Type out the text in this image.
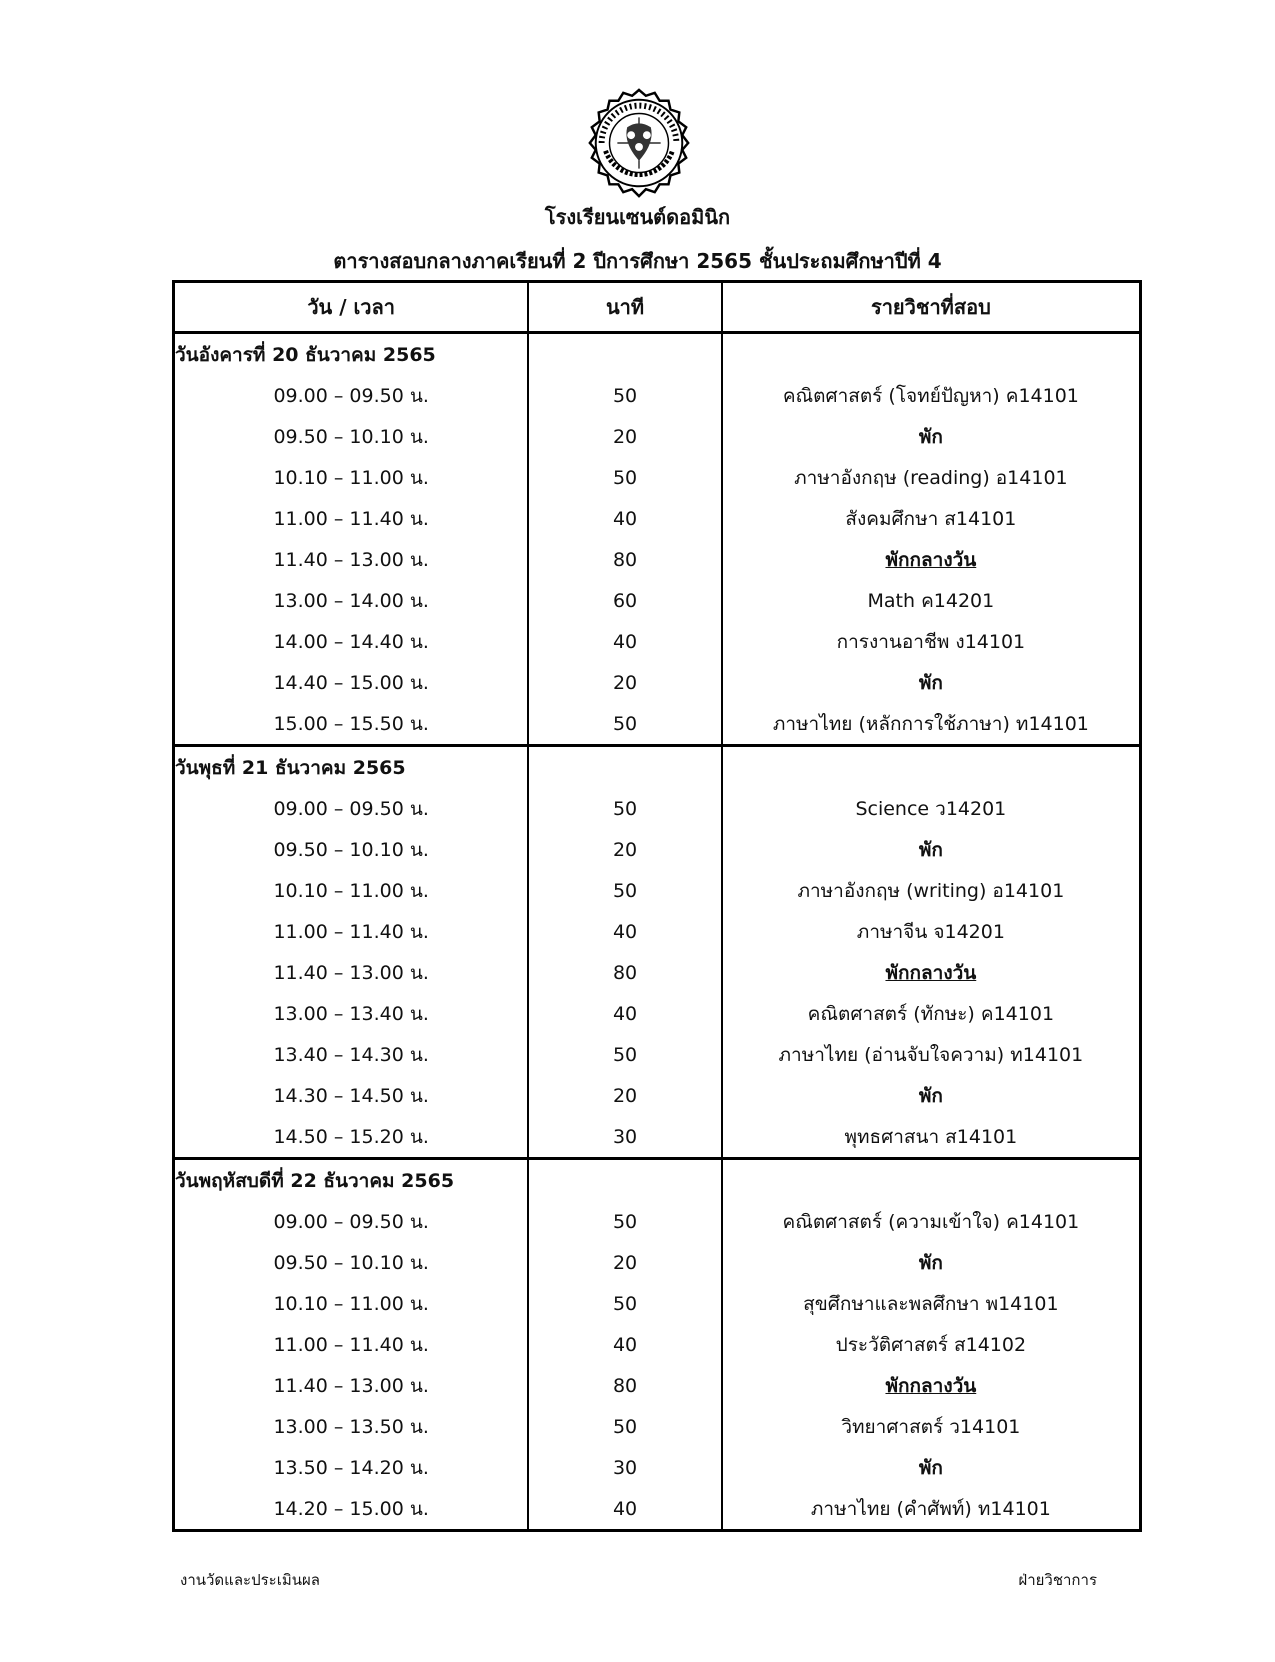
โรงเรียนเซนต์ดอมินิก
ตารางสอบกลางภาคเรียนที่ 2 ปีการศึกษา 2565 ชั้นประถมศึกษาปีที่ 4
วัน / เวลา	นาที	รายวิชาที่สอบ
วันอังคารที่ 20 ธันวาคม 2565		
09.00 – 09.50 น.	50	คณิตศาสตร์ (โจทย์ปัญหา) ค14101
09.50 – 10.10 น.	20	พัก
10.10 – 11.00 น.	50	ภาษาอังกฤษ (reading) อ14101
11.00 – 11.40 น.	40	สังคมศึกษา ส14101
11.40 – 13.00 น.	80	พักกลางวัน
13.00 – 14.00 น.	60	Math ค14201
14.00 – 14.40 น.	40	การงานอาชีพ ง14101
14.40 – 15.00 น.	20	พัก
15.00 – 15.50 น.	50	ภาษาไทย (หลักการใช้ภาษา) ท14101
วันพุธที่ 21 ธันวาคม 2565		
09.00 – 09.50 น.	50	Science ว14201
09.50 – 10.10 น.	20	พัก
10.10 – 11.00 น.	50	ภาษาอังกฤษ (writing) อ14101
11.00 – 11.40 น.	40	ภาษาจีน จ14201
11.40 – 13.00 น.	80	พักกลางวัน
13.00 – 13.40 น.	40	คณิตศาสตร์ (ทักษะ) ค14101
13.40 – 14.30 น.	50	ภาษาไทย (อ่านจับใจความ) ท14101
14.30 – 14.50 น.	20	พัก
14.50 – 15.20 น.	30	พุทธศาสนา ส14101
วันพฤหัสบดีที่ 22 ธันวาคม 2565		
09.00 – 09.50 น.	50	คณิตศาสตร์ (ความเข้าใจ) ค14101
09.50 – 10.10 น.	20	พัก
10.10 – 11.00 น.	50	สุขศึกษาและพลศึกษา พ14101
11.00 – 11.40 น.	40	ประวัติศาสตร์ ส14102
11.40 – 13.00 น.	80	พักกลางวัน
13.00 – 13.50 น.	50	วิทยาศาสตร์ ว14101
13.50 – 14.20 น.	30	พัก
14.20 – 15.00 น.	40	ภาษาไทย (คำศัพท์) ท14101
งานวัดและประเมินผล	ฝ่ายวิชาการ
